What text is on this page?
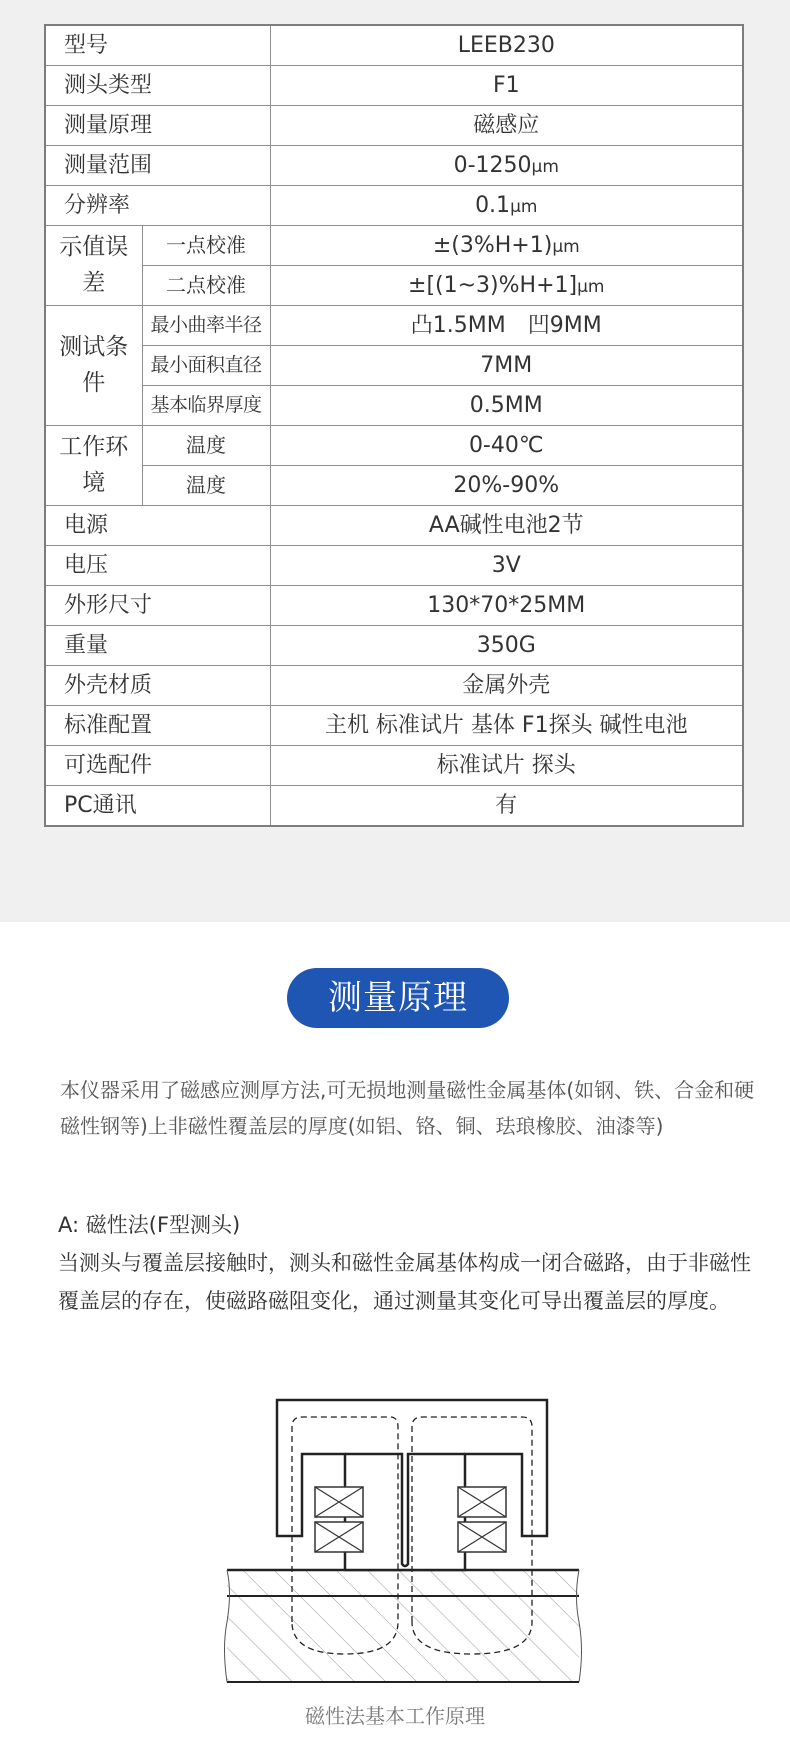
型号		LEEB230
测头类型		F1
测量原理		磁感应
测量范围		0-1250μm
分辨率		0.1μm
示值误差	一点校准	±(3%H+1)μm
	二点校准	±[(1~3)%H+1]μm
测试条件	最小曲率半径	凸1.5MM　凹9MM
	最小面积直径	7MM
	基本临界厚度	0.5MM
工作环境	温度	0-40℃
	温度	20%-90%
电源		AA碱性电池2节
电压		3V
外形尺寸		130*70*25MM
重量		350G
外壳材质		金属外壳
标准配置		主机 标准试片 基体 F1探头 碱性电池
可选配件		标准试片 探头
PC通讯		有
测量原理

本仪器采用了磁感应测厚方法,可无损地测量磁性金属基体(如钢、铁、合金和硬磁性钢等)上非磁性覆盖层的厚度(如铝、铬、铜、珐琅橡胶、油漆等)

A: 磁性法(F型测头)

当测头与覆盖层接触时，测头和磁性金属基体构成一闭合磁路，由于非磁性覆盖层的存在，使磁路磁阻变化，通过测量其变化可导出覆盖层的厚度。

磁性法基本工作原理
